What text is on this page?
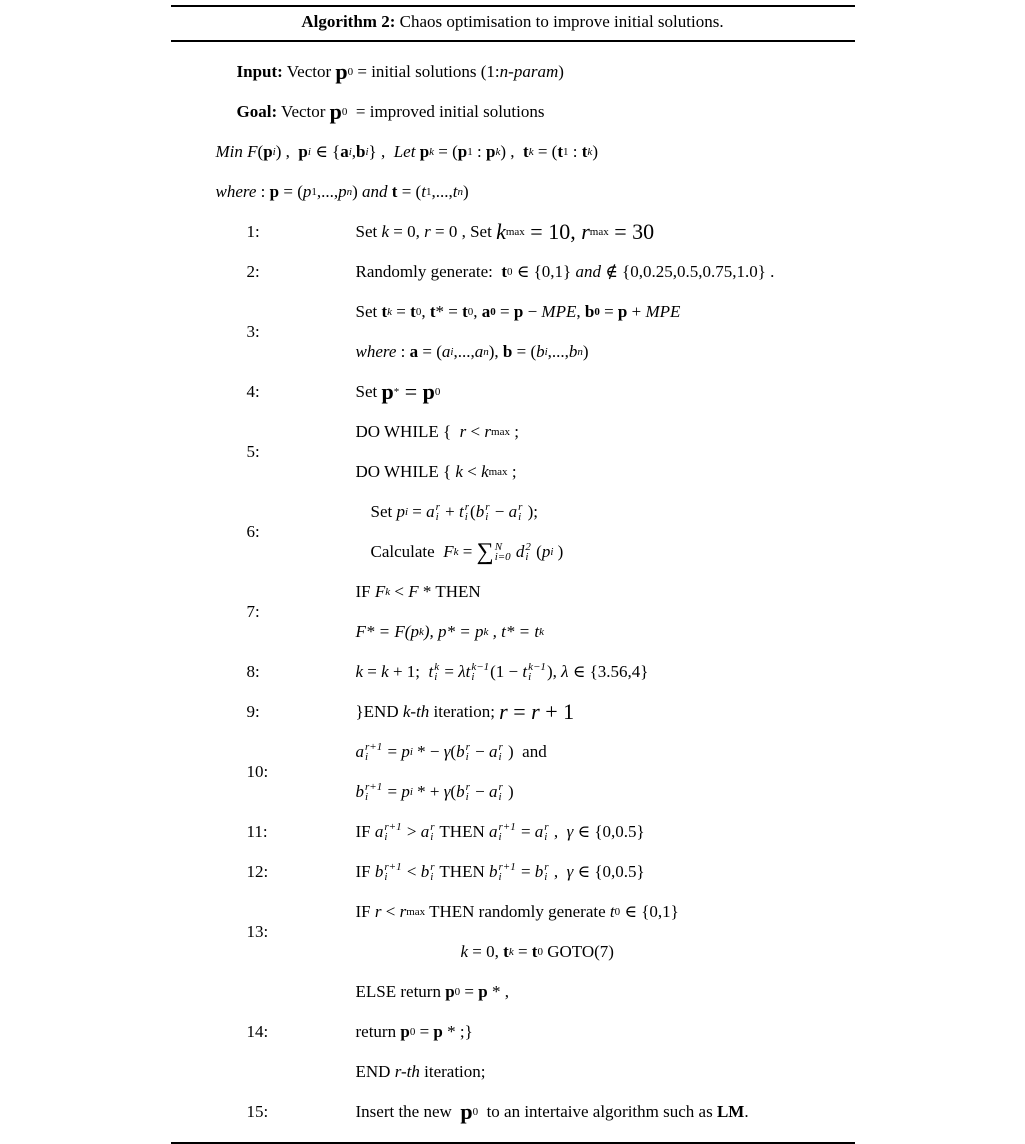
Algorithm 2: Chaos optimisation to improve initial solutions.
Input: Vector p 0 = initial solutions (1: n-param )
Goal: Vector p 0 = improved initial solutions
Min F ( p i ) , p i ∈ { a i , b i } , Let
p k = ( p 1 : p k ) , t k = ( t 1 : t k )
where : p = ( p 1 ,..., p n ) and
t = ( t 1 ,..., t n )
1:	Set k = 0, r = 0 , Set k max = 10, r max = 30
2:	Randomly generate: t 0 ∈ {0,1} and ∉ {0,0.25,0.5,0.75,1.0} .
3:
Set t k = t 0 , t * = t 0 , a 0 = p − MPE , b 0 = p + MPE
where : a = ( a i ,..., a n ), b = ( b i ,..., b n )
4:	Set p * = p 0
5:
DO WHILE { r < r max ;
DO WHILE { k < k max ;
6:
Set p i = a r
i + t r
i ( b r
i − a r
i );
Calculate F k = ∑ N
i=0
d 2
i ( p i )
7:
IF F k < F * THEN
F * = F ( p k ), p * = p k , t * = t k
8:	k = k + 1; t k
i = λ t k−1
i (1 − t k−1
i ), λ ∈ {3.56,4}
9:	}END k-th iteration; r = r + 1
10:
a r+1
i = p i * − γ ( b r
i − a r
i ) and
b r+1
i = p i * + γ ( b r
i − a r
i )
11:	IF a r+1
i > a r
i THEN a r+1
i = a r
i , γ ∈ {0,0.5}
12:	IF b r+1
i < b r
i THEN b r+1
i = b r
i , γ ∈ {0,0.5}
13:
IF r < r max THEN randomly generate t 0 ∈ {0,1}
k = 0, t k = t 0 GOTO(7)
14:
ELSE return p 0 = p * ,
return p 0 = p * ;}
END r-th iteration;
15:	Insert the new p 0 to an intertaive algorithm such as LM .
